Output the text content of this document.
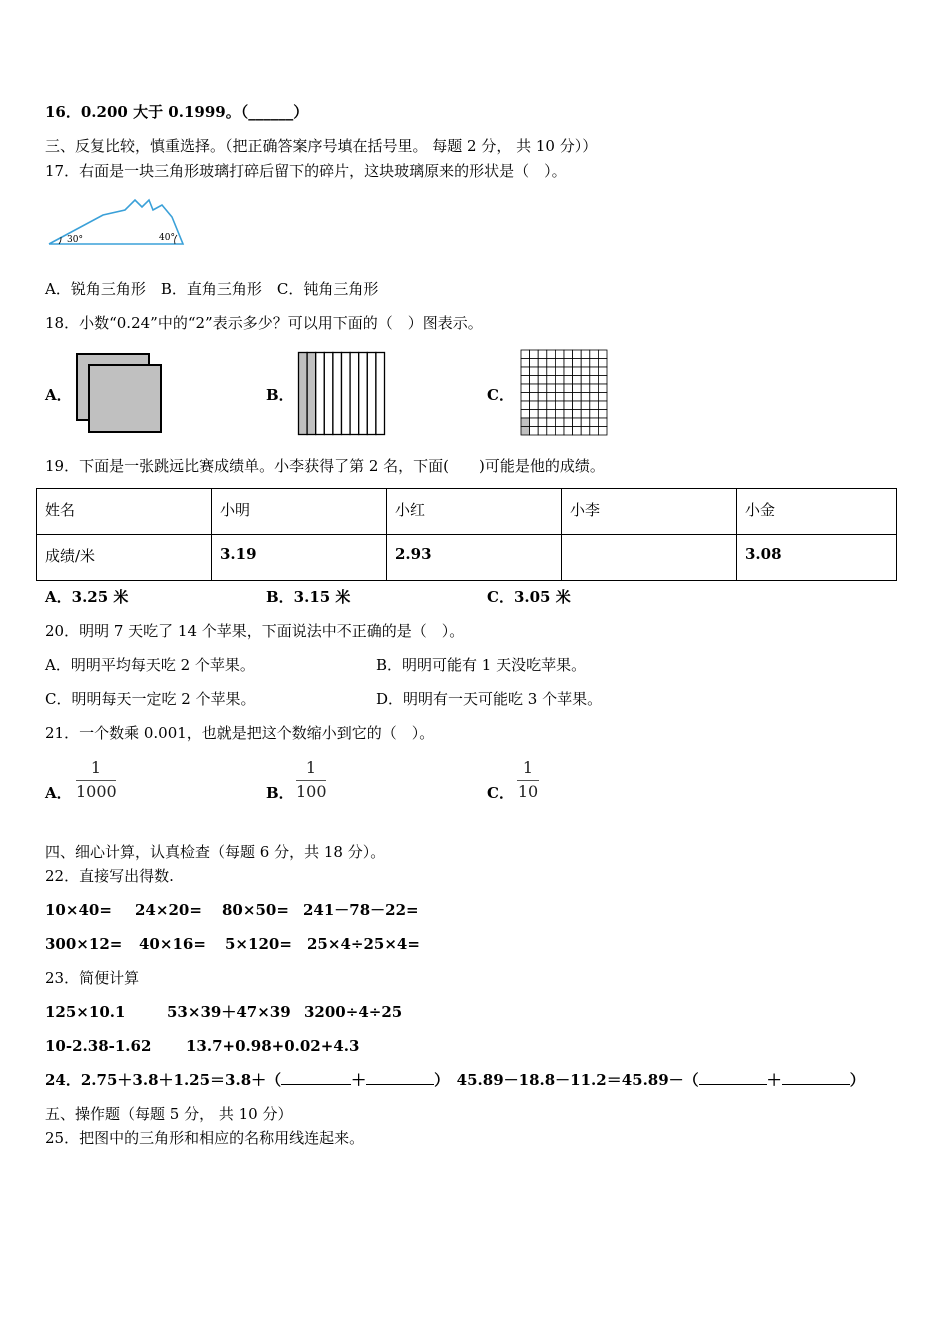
16．0.200 大于 0.1999。（______）
三、反复比较，慎重选择。（把正确答案序号填在括号里。 每题 2 分， 共 10 分））
17．右面是一块三角形玻璃打碎后留下的碎片，这块玻璃原来的形状是（　）。
30°	40°
A．锐角三角形　B．直角三角形　C．钝角三角形
18．小数“0.24”中的“2”表示多少？可以用下面的（　）图表示。
A．	B．	C．
19．下面是一张跳远比赛成绩单。小李获得了第 2 名，下面(　　)可能是他的成绩。
姓名	小明	小红	小李	小金
成绩/米	3.19	2.93		3.08
A．3.25 米	B．3.15 米	C．3.05 米
20．明明 7 天吃了 14 个苹果，下面说法中不正确的是（　）。
A．明明平均每天吃 2 个苹果。	B．明明可能有 1 天没吃苹果。
C．明明每天一定吃 2 个苹果。	D．明明有一天可能吃 3 个苹果。
21．一个数乘 0.001，也就是把这个数缩小到它的（　）。
A．
1
1000	B．
1
100	C．
1
10
四、细心计算，认真检查（每题 6 分，共 18 分）。
22．直接写出得数.
10×40= 24×20= 80×50= 241－78－22=
300×12= 40×16= 5×120= 25×4÷25×4=
23．简便计算
125×10.1	53×39＋47×39 3200÷4÷25
10-2.38-1.62 13.7+0.98+0.02+4.3
24．2.75＋3.8＋1.25＝3.8＋（	＋	）　45.89－18.8－11.2＝45.89－（	＋	）
五、操作题（每题 5 分， 共 10 分）
25．把图中的三角形和相应的名称用线连起来。
